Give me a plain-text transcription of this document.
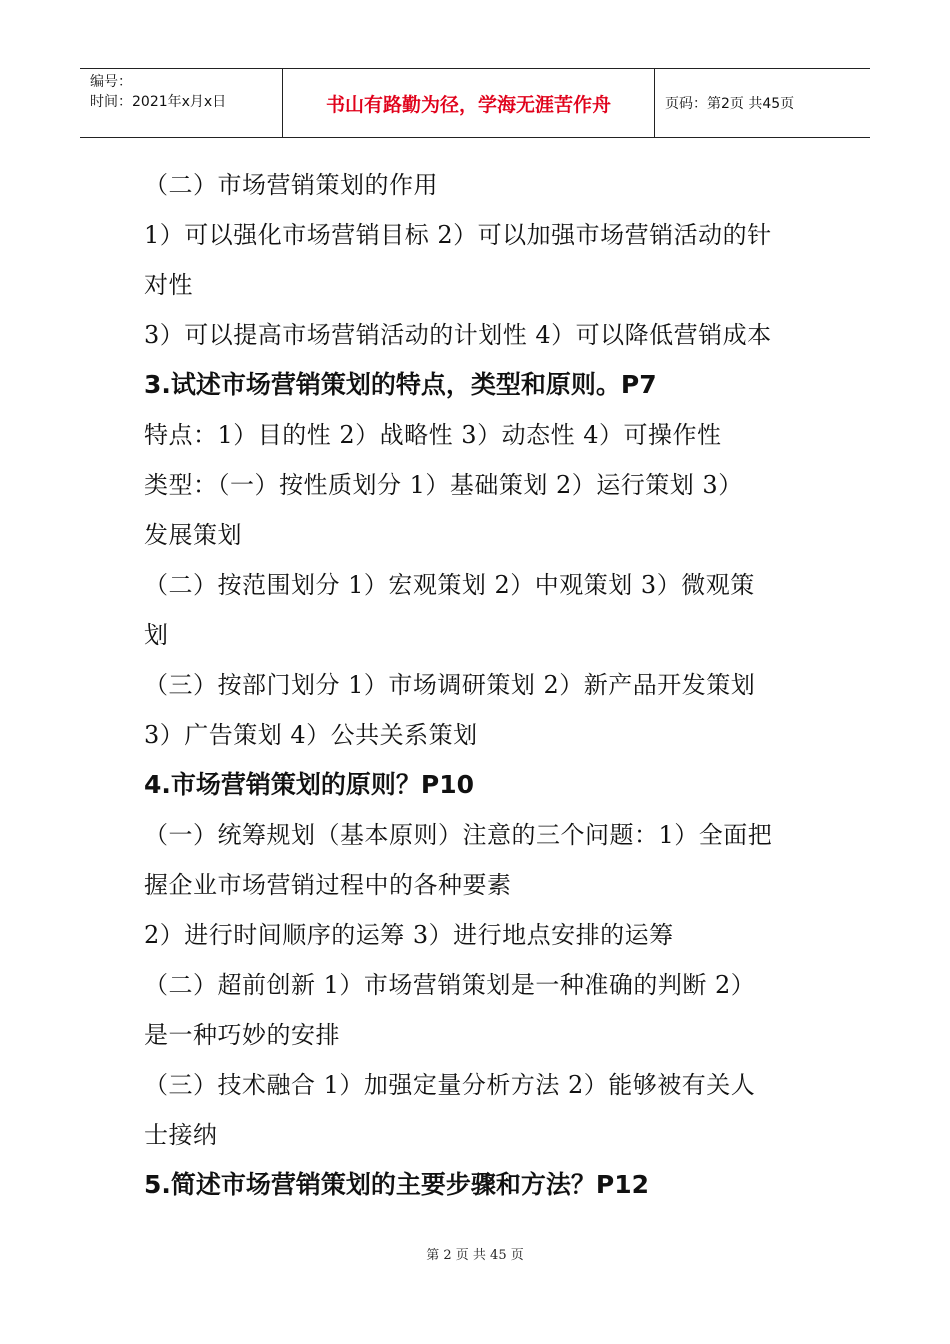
编号：
时间：2021年x月x日	书山有路勤为径，学海无涯苦作舟	页码：第2页 共45页
（二）市场营销策划的作用
1）可以强化市场营销目标 2）可以加强市场营销活动的针
对性
3）可以提高市场营销活动的计划性 4）可以降低营销成本
3.试述市场营销策划的特点，类型和原则。P7
特点：1）目的性 2）战略性 3）动态性 4）可操作性
类型：（一）按性质划分 1）基础策划 2）运行策划 3）
发展策划
（二）按范围划分 1）宏观策划 2）中观策划 3）微观策
划
（三）按部门划分 1）市场调研策划 2）新产品开发策划
3）广告策划 4）公共关系策划
4.市场营销策划的原则？P10
（一）统筹规划（基本原则）注意的三个问题：1）全面把
握企业市场营销过程中的各种要素
2）进行时间顺序的运筹 3）进行地点安排的运筹
（二）超前创新 1）市场营销策划是一种准确的判断 2）
是一种巧妙的安排
（三）技术融合 1）加强定量分析方法 2）能够被有关人
士接纳
5.简述市场营销策划的主要步骤和方法？P12
第 2 页 共 45 页
